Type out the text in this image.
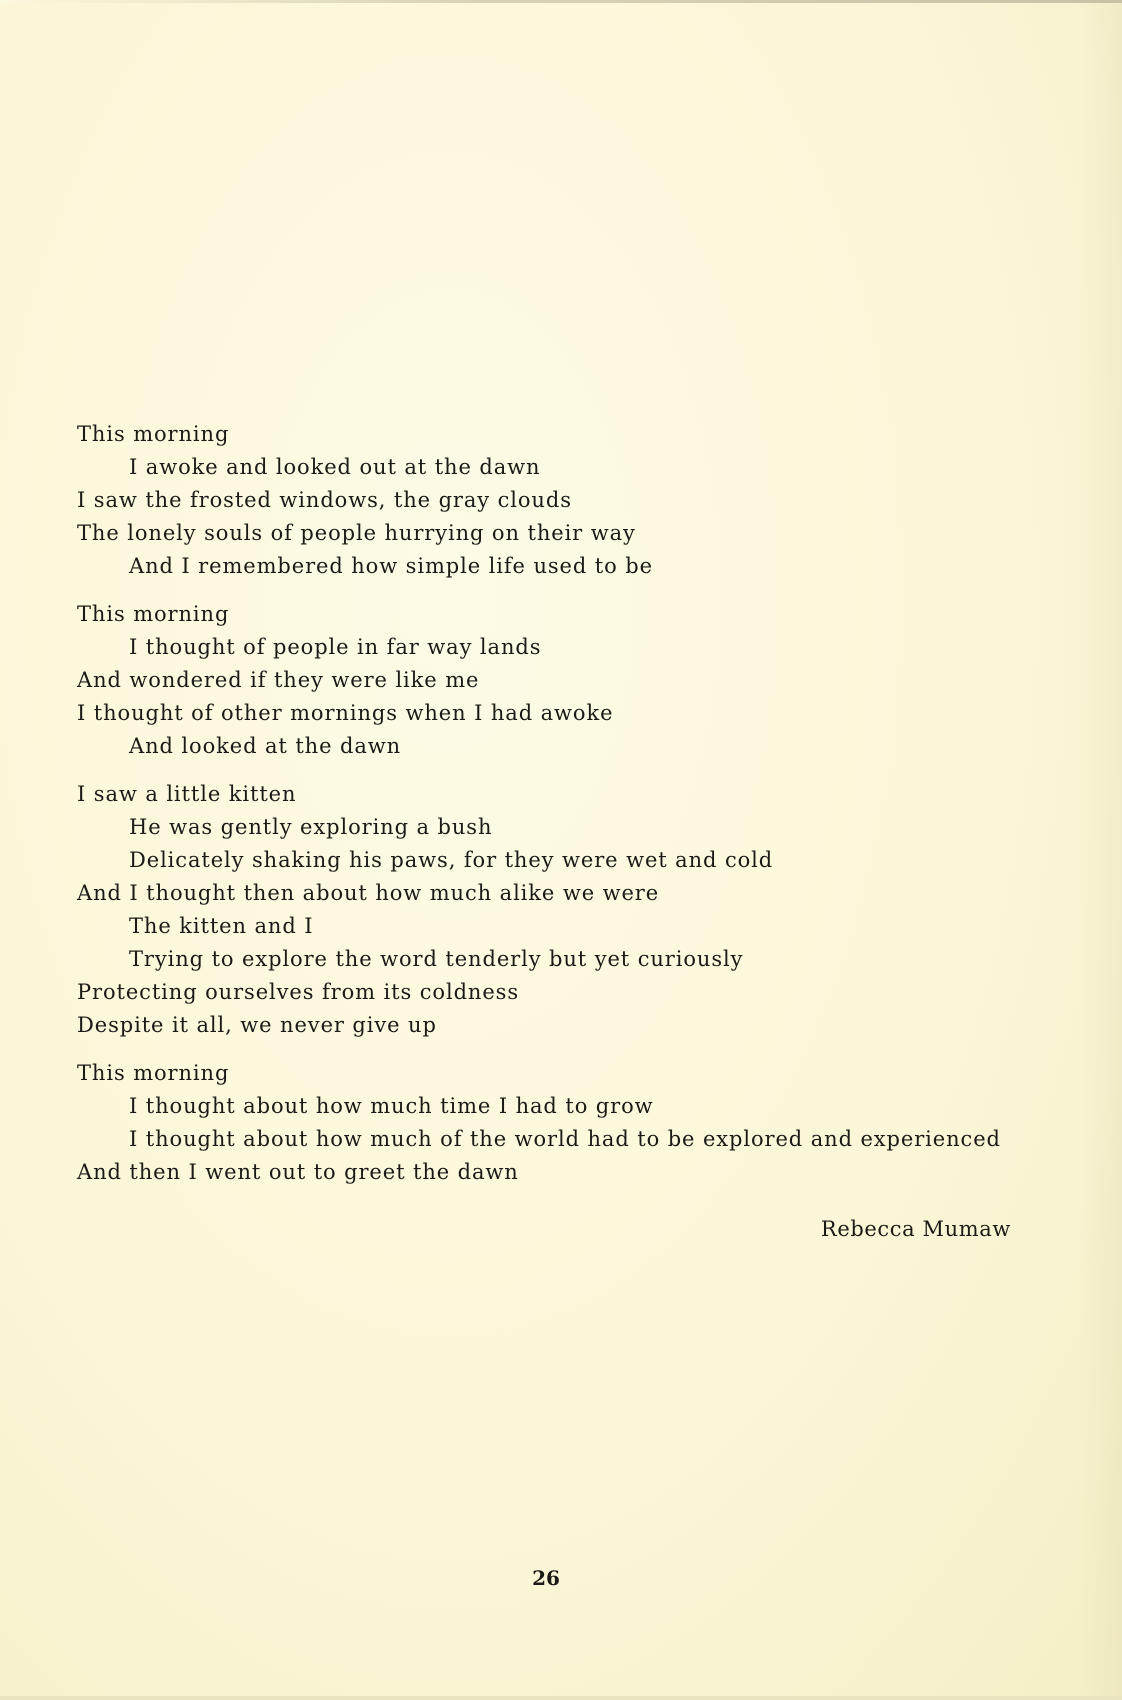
This morning
I awoke and looked out at the dawn
I saw the frosted windows, the gray clouds
The lonely souls of people hurrying on their way
And I remembered how simple life used to be
This morning
I thought of people in far way lands
And wondered if they were like me
I thought of other mornings when I had awoke
And looked at the dawn
I saw a little kitten
He was gently exploring a bush
Delicately shaking his paws, for they were wet and cold
And I thought then about how much alike we were
The kitten and I
Trying to explore the word tenderly but yet curiously
Protecting ourselves from its coldness
Despite it all, we never give up
This morning
I thought about how much time I had to grow
I thought about how much of the world had to be explored and experienced
And then I went out to greet the dawn
Rebecca Mumaw
26
